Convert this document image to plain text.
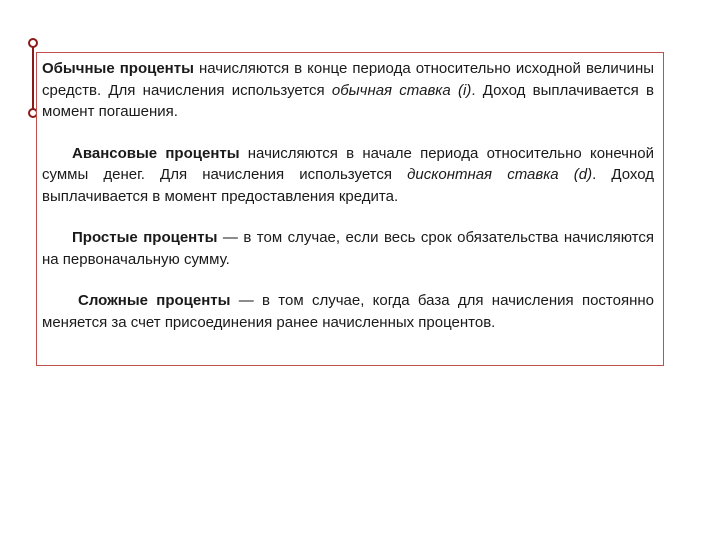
Обычные проценты начисляются в конце периода относительно исходной величины средств. Для начисления используется обычная ставка (i). Доход выплачивается в момент погашения.

Авансовые проценты начисляются в начале периода относительно конечной суммы денег. Для начисления используется дисконтная ставка (d). Доход выплачивается в момент предоставления кредита.

Простые проценты — в том случае, если весь срок обязательства начисляются на первоначальную сумму.

Сложные проценты — в том случае, когда база для начисления постоянно меняется за счет присоединения ранее начисленных процентов.
